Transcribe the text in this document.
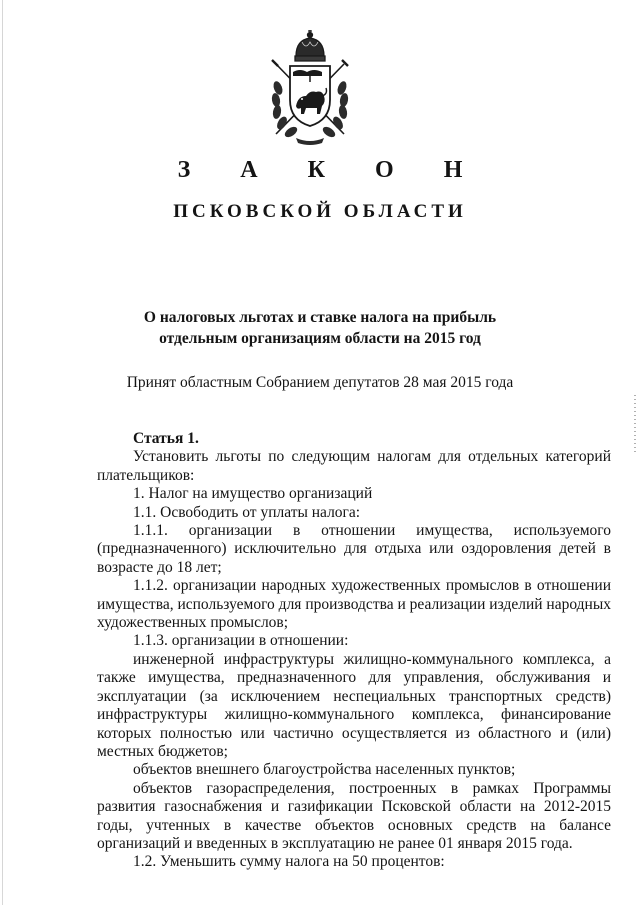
З А К О Н
ПСКОВСКОЙ ОБЛАСТИ
О налоговых льготах и ставке налога на прибыль
отдельным организациям области на 2015 год
Принят областным Собранием депутатов 28 мая 2015 года

Статья 1.

Установить льготы по следующим налогам для отдельных категорий плательщиков:

1. Налог на имущество организаций

1.1. Освободить от уплаты налога:

1.1.1. организации в отношении имущества, используемого (предназначенного) исключительно для отдыха или оздоровления детей в возрасте до 18 лет;

1.1.2. организации народных художественных промыслов в отношении имущества, используемого для производства и реализации изделий народных художественных промыслов;

1.1.3. организации в отношении:

инженерной инфраструктуры жилищно-коммунального комплекса, а также имущества, предназначенного для управления, обслуживания и эксплуатации (за исключением неспециальных транспортных средств) инфраструктуры жилищно-коммунального комплекса, финансирование которых полностью или частично осуществляется из областного и (или) местных бюджетов;

объектов внешнего благоустройства населенных пунктов;

объектов газораспределения, построенных в рамках Программы развития газоснабжения и газификации Псковской области на 2012-2015 годы, учтенных в качестве объектов основных средств на балансе организаций и введенных в эксплуатацию не ранее 01 января 2015 года.

1.2. Уменьшить сумму налога на 50 процентов:
